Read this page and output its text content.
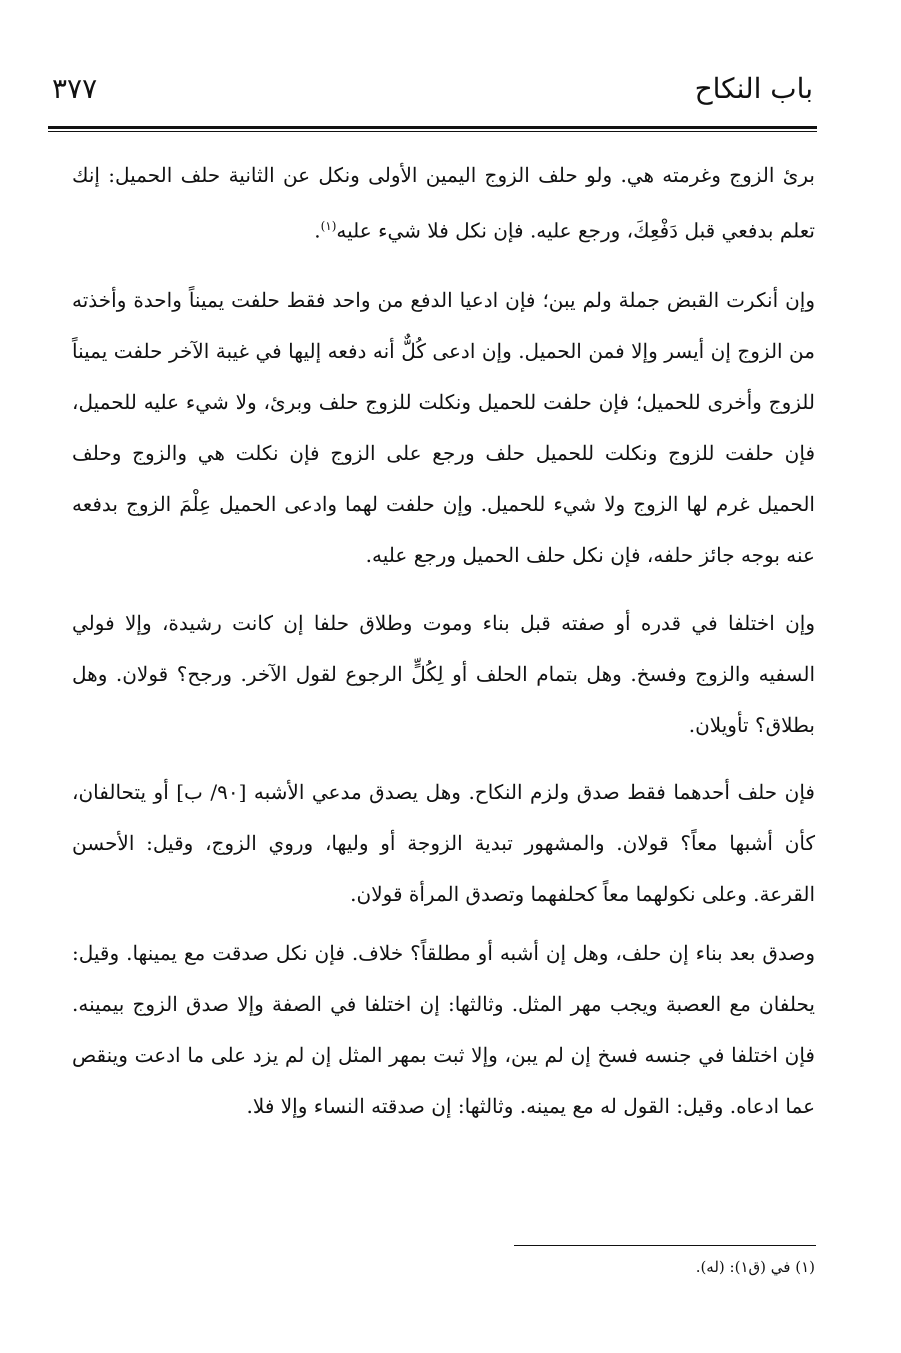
باب النكاح
٣٧٧

برئ الزوج وغرمته هي. ولو حلف الزوج اليمين الأولى ونكل عن الثانية حلف الحميل: إنك تعلم بدفعي قبل دَفْعِكَ، ورجع عليه. فإن نكل فلا شيء عليه$^{(١)}$.

وإن أنكرت القبض جملة ولم يبن؛ فإن ادعيا الدفع من واحد فقط حلفت يميناً واحدة وأخذته من الزوج إن أيسر وإلا فمن الحميل. وإن ادعى كُلٌّ أنه دفعه إليها في غيبة الآخر حلفت يميناً للزوج وأخرى للحميل؛ فإن حلفت للحميل ونكلت للزوج حلف وبرئ، ولا شيء عليه للحميل، فإن حلفت للزوج ونكلت للحميل حلف ورجع على الزوج فإن نكلت هي والزوج وحلف الحميل غرم لها الزوج ولا شيء للحميل. وإن حلفت لهما وادعى الحميل عِلْمَ الزوج بدفعه عنه بوجه جائز حلفه، فإن نكل حلف الحميل ورجع عليه.

وإن اختلفا في قدره أو صفته قبل بناء وموت وطلاق حلفا إن كانت رشيدة، وإلا فولي السفيه والزوج وفسخ. وهل بتمام الحلف أو لِكُلٍّ الرجوع لقول الآخر. ورجح؟ قولان. وهل بطلاق؟ تأويلان.

فإن حلف أحدهما فقط صدق ولزم النكاح. وهل يصدق مدعي الأشبه [٩٠/ ب] أو يتحالفان، كأن أشبها معاً؟ قولان. والمشهور تبدية الزوجة أو وليها، وروي الزوج، وقيل: الأحسن القرعة. وعلى نكولهما معاً كحلفهما وتصدق المرأة قولان.

وصدق بعد بناء إن حلف، وهل إن أشبه أو مطلقاً؟ خلاف. فإن نكل صدقت مع يمينها. وقيل: يحلفان مع العصبة ويجب مهر المثل. وثالثها: إن اختلفا في الصفة وإلا صدق الزوج بيمينه. فإن اختلفا في جنسه فسخ إن لم يبن، وإلا ثبت بمهر المثل إن لم يزد على ما ادعت وينقص عما ادعاه. وقيل: القول له مع يمينه. وثالثها: إن صدقته النساء وإلا فلا.

(١) في (ق١): (له).
